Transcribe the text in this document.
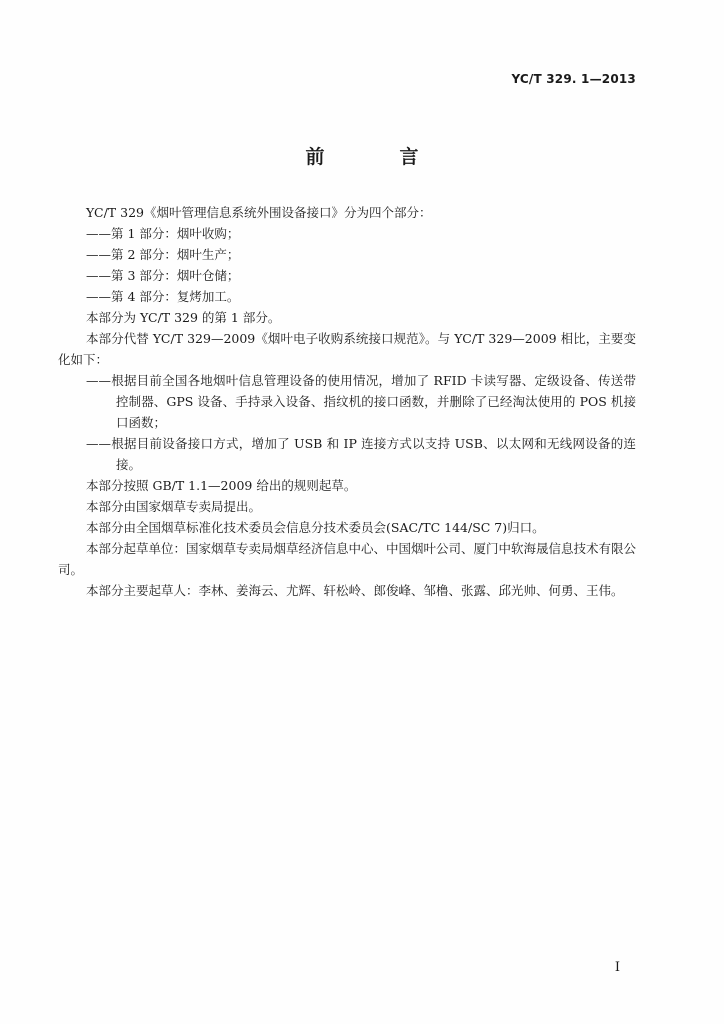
YC/T 329. 1—2013
前　言

YC/T 329《烟叶管理信息系统外围设备接口》分为四个部分：

——第 1 部分：烟叶收购；

——第 2 部分：烟叶生产；

——第 3 部分：烟叶仓储；

——第 4 部分：复烤加工。

本部分为 YC/T 329 的第 1 部分。

本部分代替 YC/T 329—2009《烟叶电子收购系统接口规范》。与 YC/T 329—2009 相比，主要变化如下：

——根据目前全国各地烟叶信息管理设备的使用情况，增加了 RFID 卡读写器、定级设备、传送带控制器、GPS 设备、手持录入设备、指纹机的接口函数，并删除了已经淘汰使用的 POS 机接口函数；

——根据目前设备接口方式，增加了 USB 和 IP 连接方式以支持 USB、以太网和无线网设备的连接。

本部分按照 GB/T 1.1—2009 给出的规则起草。

本部分由国家烟草专卖局提出。

本部分由全国烟草标准化技术委员会信息分技术委员会(SAC/TC 144/SC 7)归口。

本部分起草单位：国家烟草专卖局烟草经济信息中心、中国烟叶公司、厦门中软海晟信息技术有限公司。

本部分主要起草人：李林、姜海云、尤辉、轩松岭、郎俊峰、邹橹、张露、邱光帅、何勇、王伟。

I
